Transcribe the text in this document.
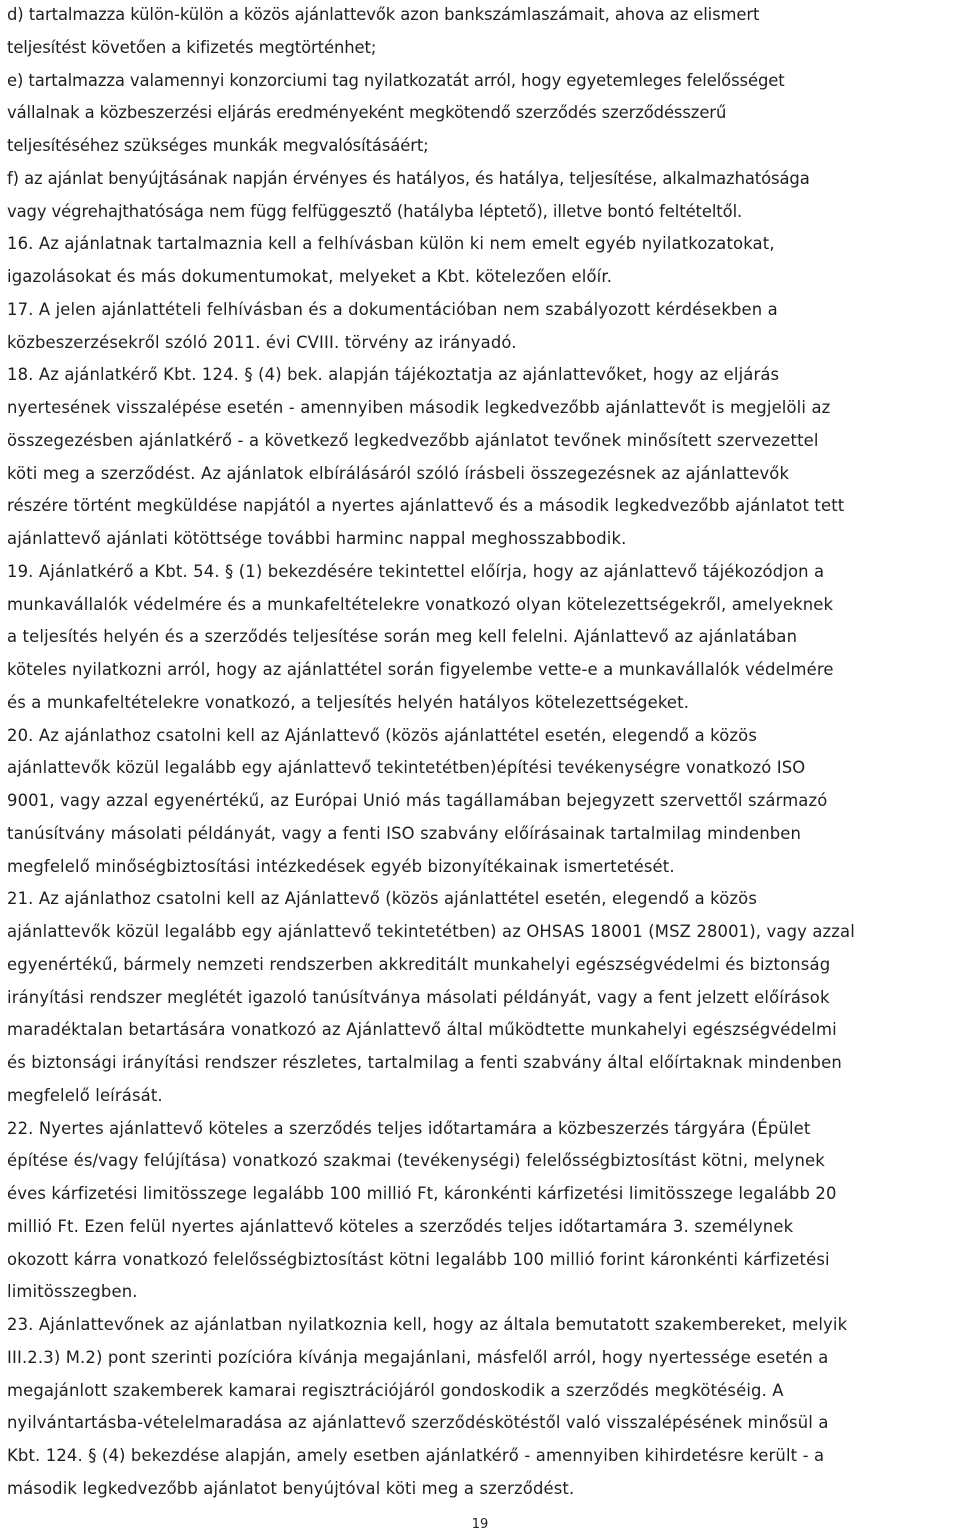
d) tartalmazza külön-külön a közös ajánlattevők azon bankszámlaszámait, ahova az elismert
teljesítést követően a kifizetés megtörténhet;
e) tartalmazza valamennyi konzorciumi tag nyilatkozatát arról, hogy egyetemleges felelősséget
vállalnak a közbeszerzési eljárás eredményeként megkötendő szerződés szerződésszerű
teljesítéséhez szükséges munkák megvalósításáért;
f) az ajánlat benyújtásának napján érvényes és hatályos, és hatálya, teljesítése, alkalmazhatósága
vagy végrehajthatósága nem függ felfüggesztő (hatályba léptető), illetve bontó feltételtől.
16. Az ajánlatnak tartalmaznia kell a felhívásban külön ki nem emelt egyéb nyilatkozatokat,
igazolásokat és más dokumentumokat, melyeket a Kbt. kötelezően előír.
17. A jelen ajánlattételi felhívásban és a dokumentációban nem szabályozott kérdésekben a
közbeszerzésekről szóló 2011. évi CVIII. törvény az irányadó.
18. Az ajánlatkérő Kbt. 124. § (4) bek. alapján tájékoztatja az ajánlattevőket, hogy az eljárás
nyertesének visszalépése esetén - amennyiben második legkedvezőbb ajánlattevőt is megjelöli az
összegezésben ajánlatkérő - a következő legkedvezőbb ajánlatot tevőnek minősített szervezettel
köti meg a szerződést. Az ajánlatok elbírálásáról szóló írásbeli összegezésnek az ajánlattevők
részére történt megküldése napjától a nyertes ajánlattevő és a második legkedvezőbb ajánlatot tett
ajánlattevő ajánlati kötöttsége további harminc nappal meghosszabbodik.
19. Ajánlatkérő a Kbt. 54. § (1) bekezdésére tekintettel előírja, hogy az ajánlattevő tájékozódjon a
munkavállalók védelmére és a munkafeltételekre vonatkozó olyan kötelezettségekről, amelyeknek
a teljesítés helyén és a szerződés teljesítése során meg kell felelni. Ajánlattevő az ajánlatában
köteles nyilatkozni arról, hogy az ajánlattétel során figyelembe vette-e a munkavállalók védelmére
és a munkafeltételekre vonatkozó, a teljesítés helyén hatályos kötelezettségeket.
20. Az ajánlathoz csatolni kell az Ajánlattevő (közös ajánlattétel esetén, elegendő a közös
ajánlattevők közül legalább egy ajánlattevő tekintetétben)építési tevékenységre vonatkozó ISO
9001, vagy azzal egyenértékű, az Európai Unió más tagállamában bejegyzett szervettől származó
tanúsítvány másolati példányát, vagy a fenti ISO szabvány előírásainak tartalmilag mindenben
megfelelő minőségbiztosítási intézkedések egyéb bizonyítékainak ismertetését.
21. Az ajánlathoz csatolni kell az Ajánlattevő (közös ajánlattétel esetén, elegendő a közös
ajánlattevők közül legalább egy ajánlattevő tekintetétben) az OHSAS 18001 (MSZ 28001), vagy azzal
egyenértékű, bármely nemzeti rendszerben akkreditált munkahelyi egészségvédelmi és biztonság
irányítási rendszer meglétét igazoló tanúsítványa másolati példányát, vagy a fent jelzett előírások
maradéktalan betartására vonatkozó az Ajánlattevő által működtette munkahelyi egészségvédelmi
és biztonsági irányítási rendszer részletes, tartalmilag a fenti szabvány által előírtaknak mindenben
megfelelő leírását.
22. Nyertes ajánlattevő köteles a szerződés teljes időtartamára a közbeszerzés tárgyára (Épület
építése és/vagy felújítása) vonatkozó szakmai (tevékenységi) felelősségbiztosítást kötni, melynek
éves kárfizetési limitösszege legalább 100 millió Ft, káronkénti kárfizetési limitösszege legalább 20
millió Ft. Ezen felül nyertes ajánlattevő köteles a szerződés teljes időtartamára 3. személynek
okozott kárra vonatkozó felelősségbiztosítást kötni legalább 100 millió forint káronkénti kárfizetési
limitösszegben.
23. Ajánlattevőnek az ajánlatban nyilatkoznia kell, hogy az általa bemutatott szakembereket, melyik
III.2.3) M.2) pont szerinti pozícióra kívánja megajánlani, másfelől arról, hogy nyertessége esetén a
megajánlott szakemberek kamarai regisztrációjáról gondoskodik a szerződés megkötéséig. A
nyilvántartásba-vételelmaradása az ajánlattevő szerződéskötéstől való visszalépésének minősül a
Kbt. 124. § (4) bekezdése alapján, amely esetben ajánlatkérő - amennyiben kihirdetésre került - a
második legkedvezőbb ajánlatot benyújtóval köti meg a szerződést.
19
